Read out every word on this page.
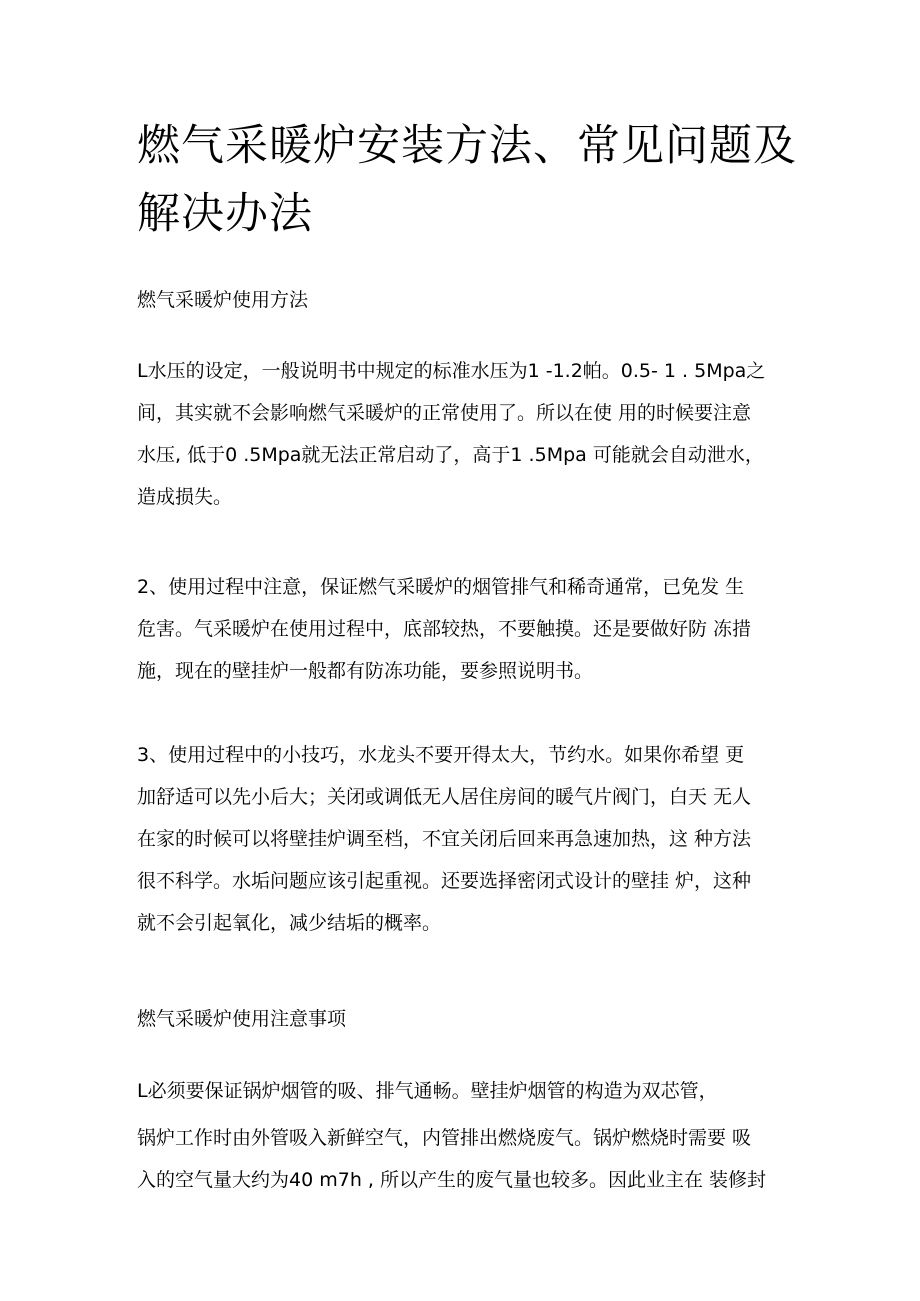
燃气采暖炉安装方法、常见问题及
解决办法

燃气采暖炉使用方法

L水压的设定，一般说明书中规定的标准水压为1 -1.2帕。0.5- 1 . 5Mpa之
间，其实就不会影响燃气采暖炉的正常使用了。所以在使 用的时候要注意
水压, 低于0 .5Mpa就无法正常启动了，高于1 .5Mpa 可能就会自动泄水，
造成损失。

2、使用过程中注意，保证燃气采暖炉的烟管排气和稀奇通常，已免发 生
危害。气采暖炉在使用过程中，底部较热，不要触摸。还是要做好防 冻措
施，现在的壁挂炉一般都有防冻功能，要参照说明书。

3、使用过程中的小技巧，水龙头不要开得太大，节约水。如果你希望 更
加舒适可以先小后大；关闭或调低无人居住房间的暖气片阀门，白天 无人
在家的时候可以将壁挂炉调至档，不宜关闭后回来再急速加热，这 种方法
很不科学。水垢问题应该引起重视。还要选择密闭式设计的壁挂 炉，这种
就不会引起氧化，减少结垢的概率。

燃气采暖炉使用注意事项

L必须要保证锅炉烟管的吸、排气通畅。壁挂炉烟管的构造为双芯管，

锅炉工作时由外管吸入新鲜空气，内管排出燃烧废气。锅炉燃烧时需要 吸
入的空气量大约为40 m7h , 所以产生的废气量也较多。因此业主在 装修封
